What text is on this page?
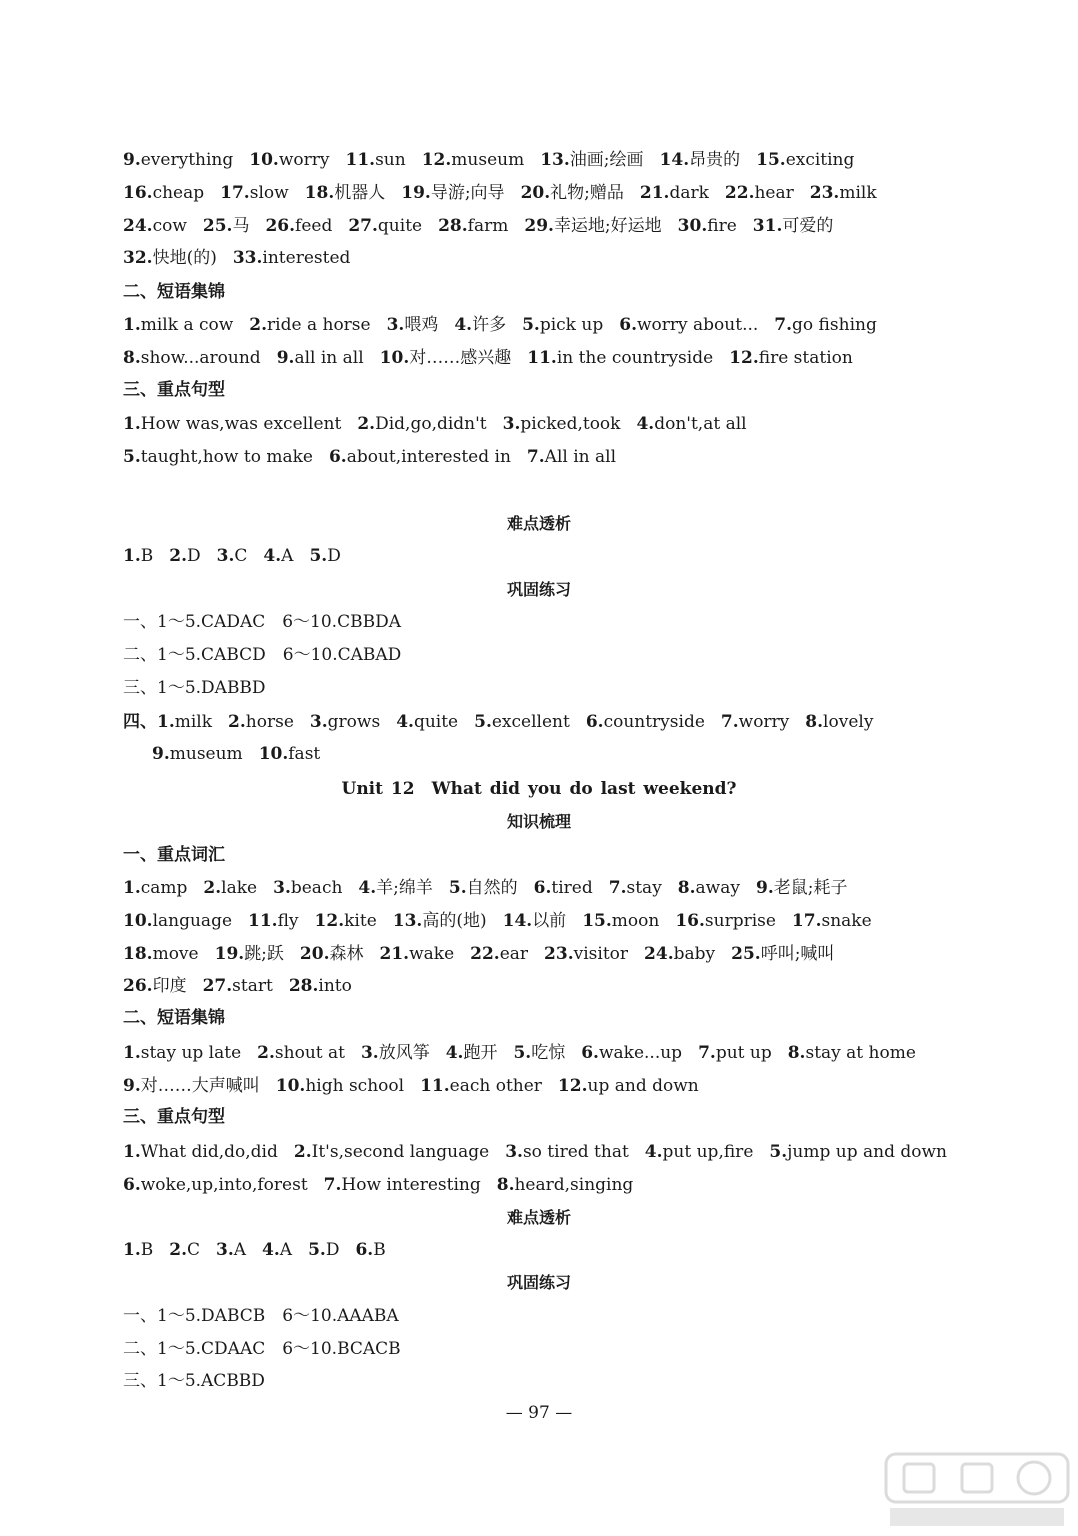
9.everything 10.worry 11.sun 12.museum 13.油画;绘画 14.昂贵的 15.exciting
16.cheap 17.slow 18.机器人 19.导游;向导 20.礼物;赠品 21.dark 22.hear 23.milk
24.cow 25.马 26.feed 27.quite 28.farm 29.幸运地;好运地 30.fire 31.可爱的
32.快地(的) 33.interested
二、短语集锦
1.milk a cow 2.ride a horse 3.喂鸡 4.许多 5.pick up 6.worry about... 7.go fishing
8.show...around 9.all in all 10.对……感兴趣 11.in the countryside 12.fire station
三、重点句型
1.How was,was excellent 2.Did,go,didn't 3.picked,took 4.don't,at all
5.taught,how to make 6.about,interested in 7.All in all
难点透析
1.B 2.D 3.C 4.A 5.D
巩固练习
一、1～5.CADAC　6～10.CBBDA
二、1～5.CABCD　6～10.CABAD
三、1～5.DABBD
四、1.milk 2.horse 3.grows 4.quite 5.excellent 6.countryside 7.worry 8.lovely
9.museum 10.fast
Unit 12　What did you do last weekend?
知识梳理
一、重点词汇
1.camp 2.lake 3.beach 4.羊;绵羊 5.自然的 6.tired 7.stay 8.away 9.老鼠;耗子
10.language 11.fly 12.kite 13.高的(地) 14.以前 15.moon 16.surprise 17.snake
18.move 19.跳;跃 20.森林 21.wake 22.ear 23.visitor 24.baby 25.呼叫;喊叫
26.印度 27.start 28.into
二、短语集锦
1.stay up late 2.shout at 3.放风筝 4.跑开 5.吃惊 6.wake...up 7.put up 8.stay at home
9.对……大声喊叫 10.high school 11.each other 12.up and down
三、重点句型
1.What did,do,did 2.It's,second language 3.so tired that 4.put up,fire 5.jump up and down
6.woke,up,into,forest 7.How interesting 8.heard,singing
难点透析
1.B 2.C 3.A 4.A 5.D 6.B
巩固练习
一、1～5.DABCB　6～10.AAABA
二、1～5.CDAAC　6～10.BCACB
三、1～5.ACBBD
— 97 —
